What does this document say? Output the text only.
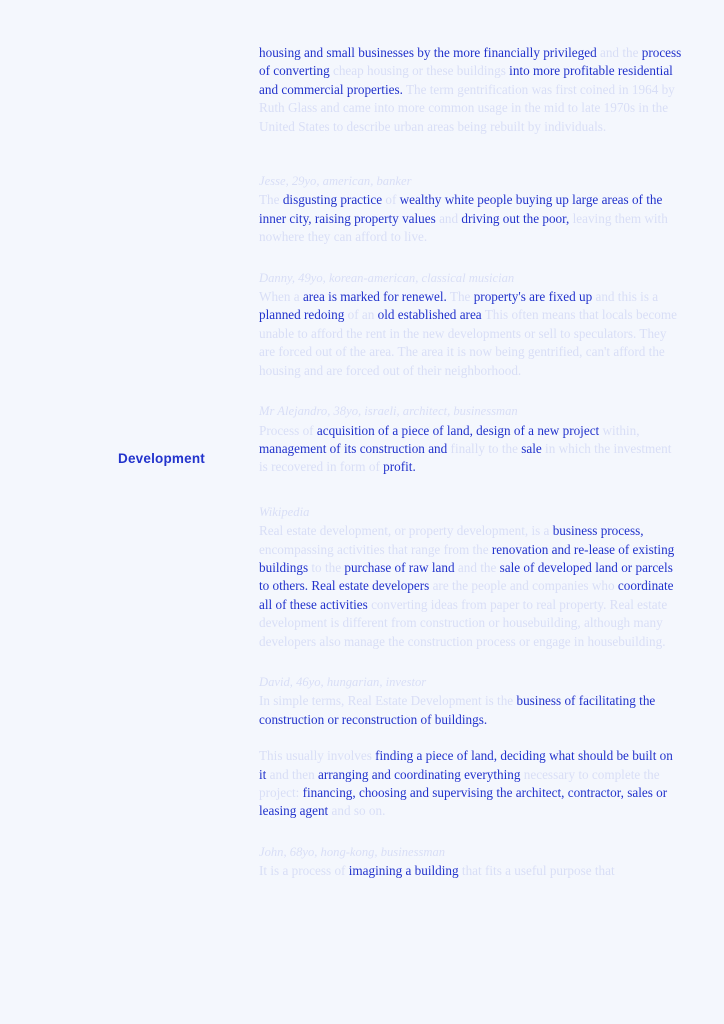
Development

housing and small businesses by the more financially privileged and the process of converting cheap housing or these buildings into more profitable residential and commercial properties. The term gentrification was first coined in 1964 by Ruth Glass and came into more common usage in the mid to late 1970s in the United States to describe urban areas being rebuilt by individuals.

Jesse, 29yo, american, banker

The disgusting practice of wealthy white people buying up large areas of the inner city, raising property values and driving out the poor, leaving them with nowhere they can afford to live.

Danny, 49yo, korean-american, classical musician

When a area is marked for renewel. The property's are fixed up and this is a planned redoing of an old established area This often means that locals become unable to afford the rent in the new developments or sell to speculators. They are forced out of the area. The area it is now being gentrified, can't afford the housing and are forced out of their neighborhood.

Mr Alejandro, 38yo, israeli, architect, businessman

Process of acquisition of a piece of land, design of a new project within, management of its construction and finally to the sale in which the investment is recovered in form of profit.

Wikipedia

Real estate development, or property development, is a business process, encompassing activities that range from the renovation and re-lease of existing buildings to the purchase of raw land and the sale of developed land or parcels to others. Real estate developers are the people and companies who coordinate all of these activities converting ideas from paper to real property. Real estate development is different from construction or housebuilding, although many developers also manage the construction process or engage in housebuilding.

David, 46yo, hungarian, investor

In simple terms, Real Estate Development is the business of facilitating the construction or reconstruction of buildings.

This usually involves finding a piece of land, deciding what should be built on it and then arranging and coordinating everything necessary to complete the project: financing, choosing and supervising the architect, contractor, sales or leasing agent and so on.

John, 68yo, hong-kong, businessman

It is a process of imagining a building that fits a useful purpose that
